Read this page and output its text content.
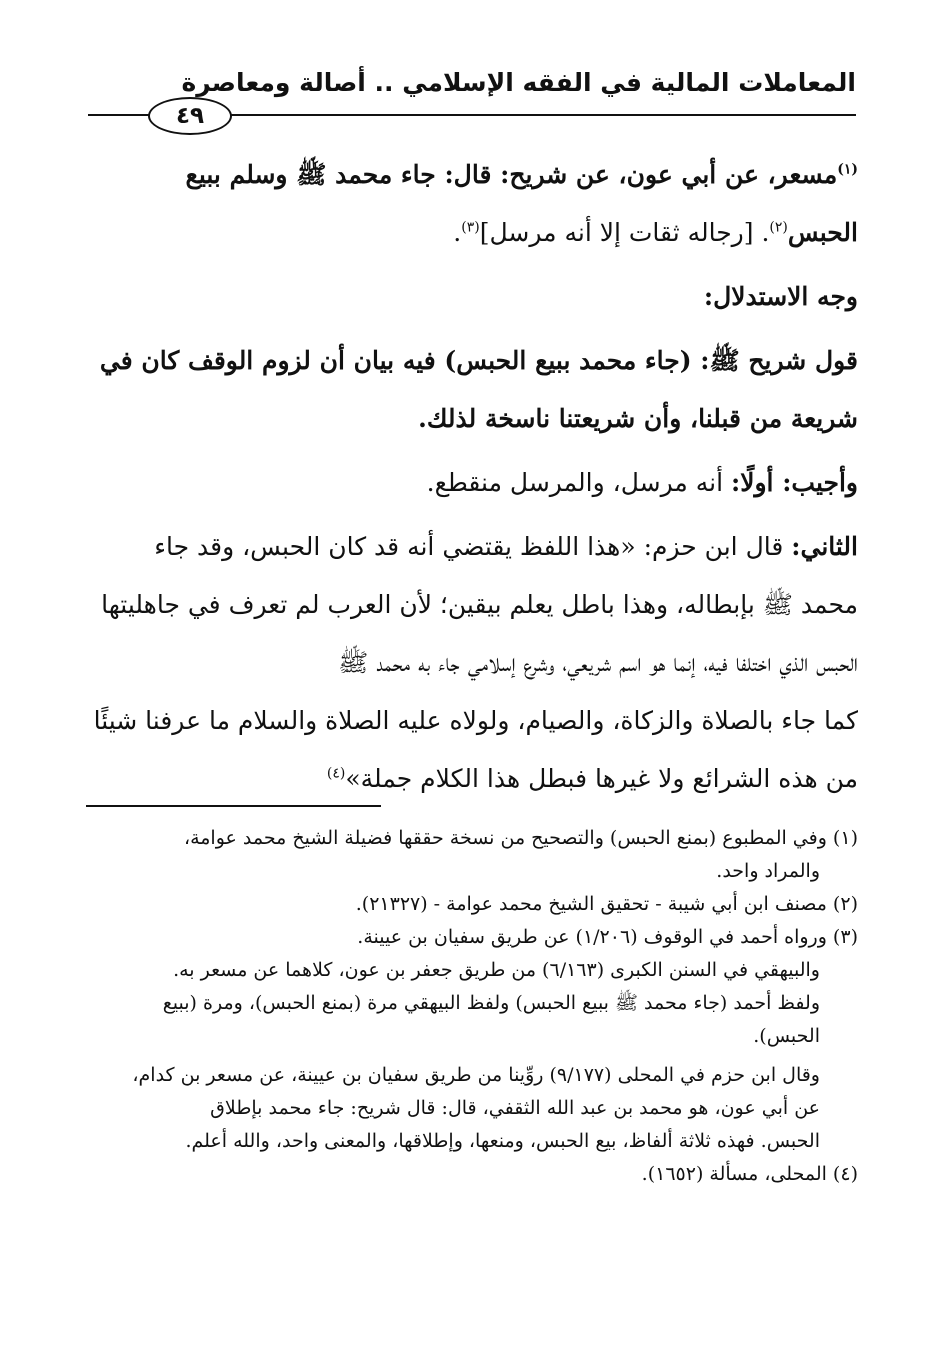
المعاملات المالية في الفقه الإسلامي .. أصالة ومعاصرة
٤٩
$^{(١)}$مسعر، عن أبي عون، عن شريح: قال: جاء محمد ﷺ وسلم ببيع
الحبس$^{(٢)}$. [رجاله ثقات إلا أنه مرسل]$^{(٣)}$.
وجه الاستدلال:
قول شريح ﷺ: (جاء محمد ببيع الحبس) فيه بيان أن لزوم الوقف كان في
شريعة من قبلنا، وأن شريعتنا ناسخة لذلك.
وأجيب: أولًا: أنه مرسل، والمرسل منقطع.
الثاني: قال ابن حزم: «هذا اللفظ يقتضي أنه قد كان الحبس، وقد جاء
محمد ﷺ بإبطاله، وهذا باطل يعلم بيقين؛ لأن العرب لم تعرف في جاهليتها
الحبس الذي اختلفا فيه، إنما هو اسم شريعي، وشرع إسلامي جاء به محمد ﷺ
كما جاء بالصلاة والزكاة، والصيام، ولولاه عليه الصلاة والسلام ما عرفنا شيئًا
من هذه الشرائع ولا غيرها فبطل هذا الكلام جملة»$^{(٤)}$
(١) وفي المطبوع (بمنع الحبس) والتصحيح من نسخة حققها فضيلة الشيخ محمد عوامة،
والمراد واحد.
(٢) مصنف ابن أبي شيبة - تحقيق الشيخ محمد عوامة - (٢١٣٢٧).
(٣) ورواه أحمد في الوقوف (١/٢٠٦) عن طريق سفيان بن عيينة.
والبيهقي في السنن الكبرى (٦/١٦٣) من طريق جعفر بن عون، كلاهما عن مسعر به.
ولفظ أحمد (جاء محمد ﷺ ببيع الحبس) ولفظ البيهقي مرة (بمنع الحبس)، ومرة (ببيع
الحبس).
وقال ابن حزم في المحلى (٩/١٧٧) روِّينا من طريق سفيان بن عيينة، عن مسعر بن كدام،
عن أبي عون، هو محمد بن عبد الله الثقفي، قال: قال شريح: جاء محمد بإطلاق
الحبس. فهذه ثلاثة ألفاظ، بيع الحبس، ومنعها، وإطلاقها، والمعنى واحد، والله أعلم.
(٤) المحلى، مسألة (١٦٥٢).
